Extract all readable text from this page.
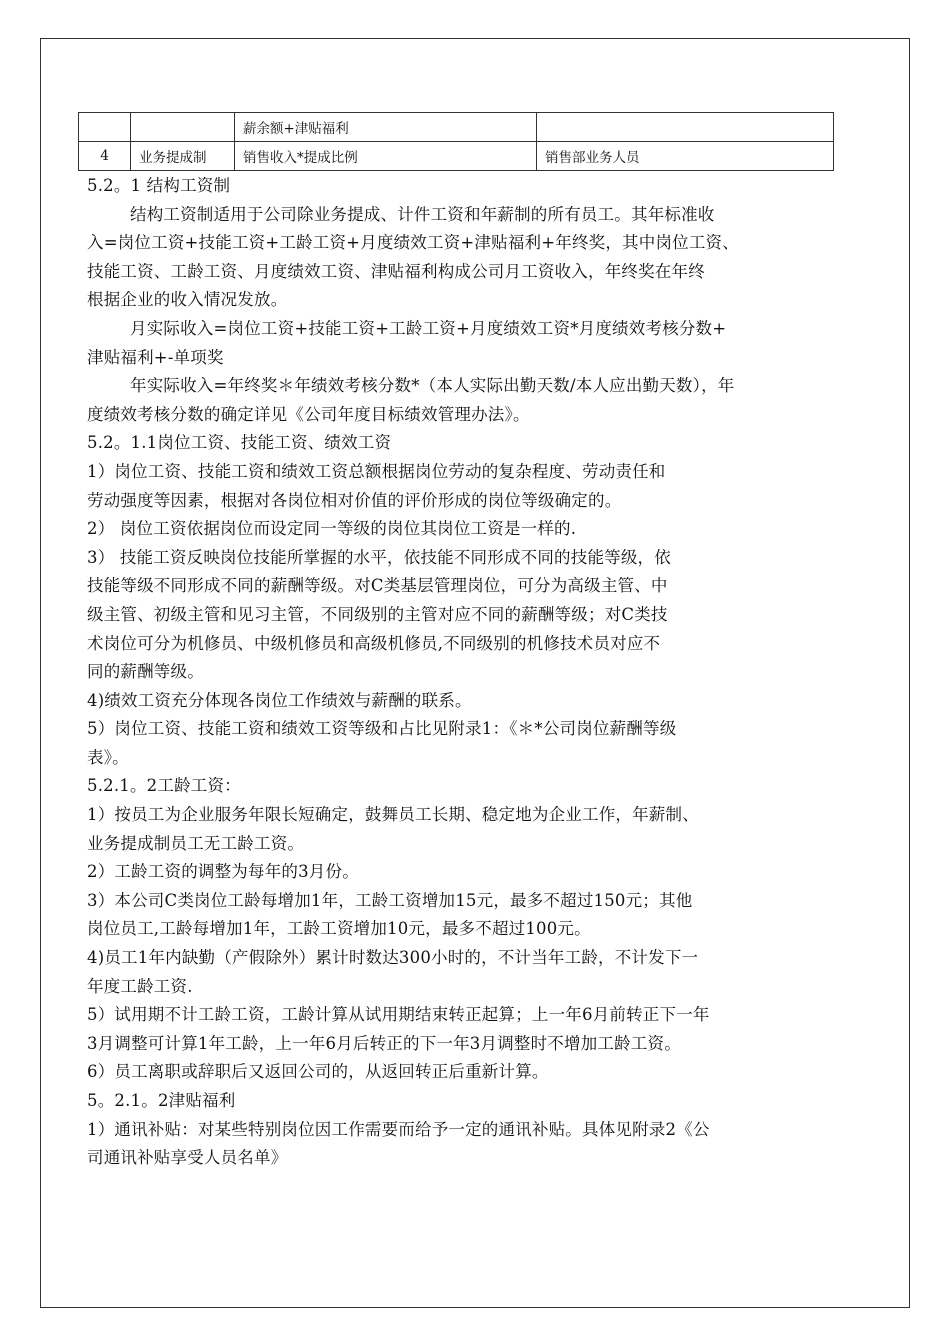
		薪余额+津贴福利	
4	业务提成制	销售收入*提成比例	销售部业务人员

5.2。1 结构工资制

结构工资制适用于公司除业务提成、计件工资和年薪制的所有员工。其年标准收

入=岗位工资+技能工资+工龄工资+月度绩效工资+津贴福利+年终奖，其中岗位工资、

技能工资、工龄工资、月度绩效工资、津贴福利构成公司月工资收入，年终奖在年终

根据企业的收入情况发放。

月实际收入=岗位工资+技能工资+工龄工资+月度绩效工资*月度绩效考核分数+

津贴福利+-单项奖

年实际收入=年终奖＊年绩效考核分数*（本人实际出勤天数/本人应出勤天数），年

度绩效考核分数的确定详见《公司年度目标绩效管理办法》。

5.2。1.1岗位工资、技能工资、绩效工资

1）岗位工资、技能工资和绩效工资总额根据岗位劳动的复杂程度、劳动责任和

劳动强度等因素，根据对各岗位相对价值的评价形成的岗位等级确定的。

2） 岗位工资依据岗位而设定同一等级的岗位其岗位工资是一样的.

3） 技能工资反映岗位技能所掌握的水平，依技能不同形成不同的技能等级，依

技能等级不同形成不同的薪酬等级。对C类基层管理岗位，可分为高级主管、中

级主管、初级主管和见习主管，不同级别的主管对应不同的薪酬等级；对C类技

术岗位可分为机修员、中级机修员和高级机修员,不同级别的机修技术员对应不

同的薪酬等级。

4)绩效工资充分体现各岗位工作绩效与薪酬的联系。

5）岗位工资、技能工资和绩效工资等级和占比见附录1：《＊*公司岗位薪酬等级

表》。

5.2.1。2工龄工资：

1）按员工为企业服务年限长短确定，鼓舞员工长期、稳定地为企业工作，年薪制、

业务提成制员工无工龄工资。

2）工龄工资的调整为每年的3月份。

3）本公司C类岗位工龄每增加1年，工龄工资增加15元，最多不超过150元；其他

岗位员工,工龄每增加1年，工龄工资增加10元，最多不超过100元。

4)员工1年内缺勤（产假除外）累计时数达300小时的，不计当年工龄，不计发下一

年度工龄工资.

5）试用期不计工龄工资，工龄计算从试用期结束转正起算；上一年6月前转正下一年

3月调整可计算1年工龄，上一年6月后转正的下一年3月调整时不增加工龄工资。

6）员工离职或辞职后又返回公司的，从返回转正后重新计算。

5。2.1。2津贴福利

1）通讯补贴：对某些特别岗位因工作需要而给予一定的通讯补贴。具体见附录2《公

司通讯补贴享受人员名单》
